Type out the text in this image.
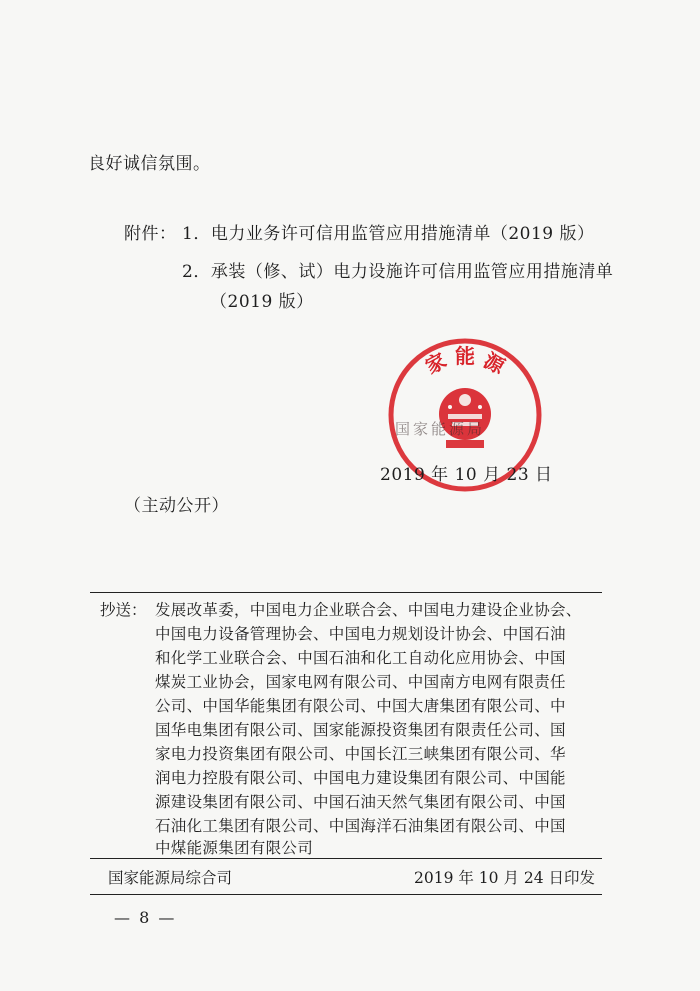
良好诚信氛围。
附件： 1．电力业务许可信用监管应用措施清单（2019 版）
2．承装（修、试）电力设施许可信用监管应用措施清单
（2019 版）
家 能 源
国家能源局
2019 年 10 月 23 日
（主动公开）
抄送： 发展改革委，中国电力企业联合会、中国电力建设企业协会、
中国电力设备管理协会、中国电力规划设计协会、中国石油
和化学工业联合会、中国石油和化工自动化应用协会、中国
煤炭工业协会，国家电网有限公司、中国南方电网有限责任
公司、中国华能集团有限公司、中国大唐集团有限公司、中
国华电集团有限公司、国家能源投资集团有限责任公司、国
家电力投资集团有限公司、中国长江三峡集团有限公司、华
润电力控股有限公司、中国电力建设集团有限公司、中国能
源建设集团有限公司、中国石油天然气集团有限公司、中国
石油化工集团有限公司、中国海洋石油集团有限公司、中国
中煤能源集团有限公司
国家能源局综合司	2019 年 10 月 24 日印发
— 8 —
